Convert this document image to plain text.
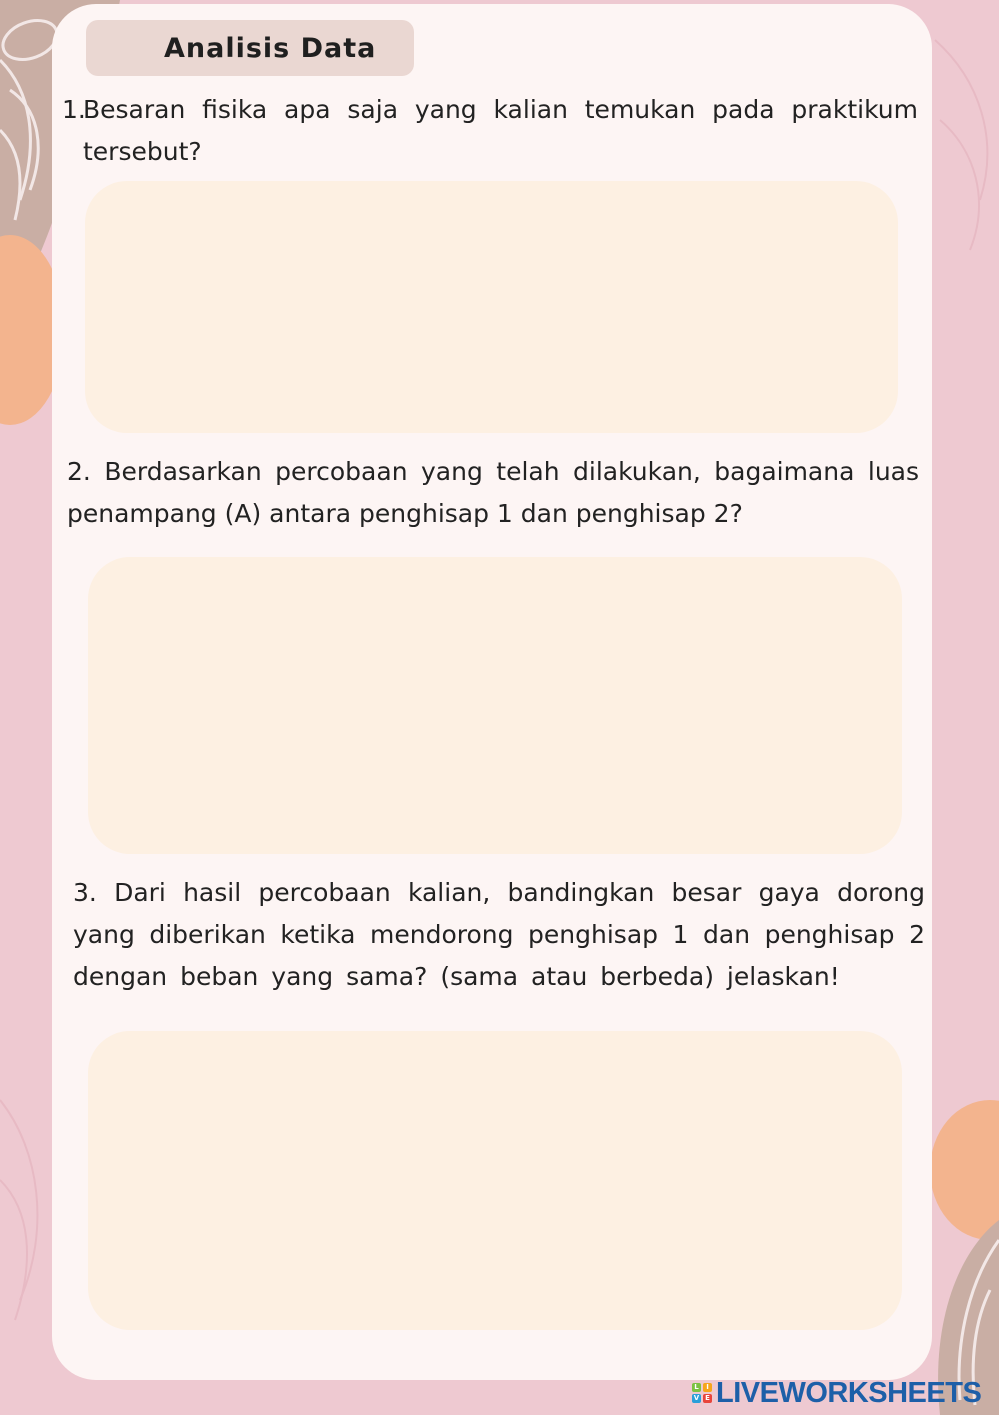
Analisis Data
1.
Besaran fisika apa saja yang kalian temukan pada praktikum tersebut?
2. Berdasarkan percobaan yang telah dilakukan, bagaimana luas penampang (A) antara penghisap 1 dan penghisap 2?
3. Dari hasil percobaan kalian, bandingkan besar gaya dorong yang diberikan ketika mendorong penghisap 1 dan penghisap 2 dengan beban yang sama? (sama atau berbeda) jelaskan!
L	I
V E LIVEWORKSHEETS
